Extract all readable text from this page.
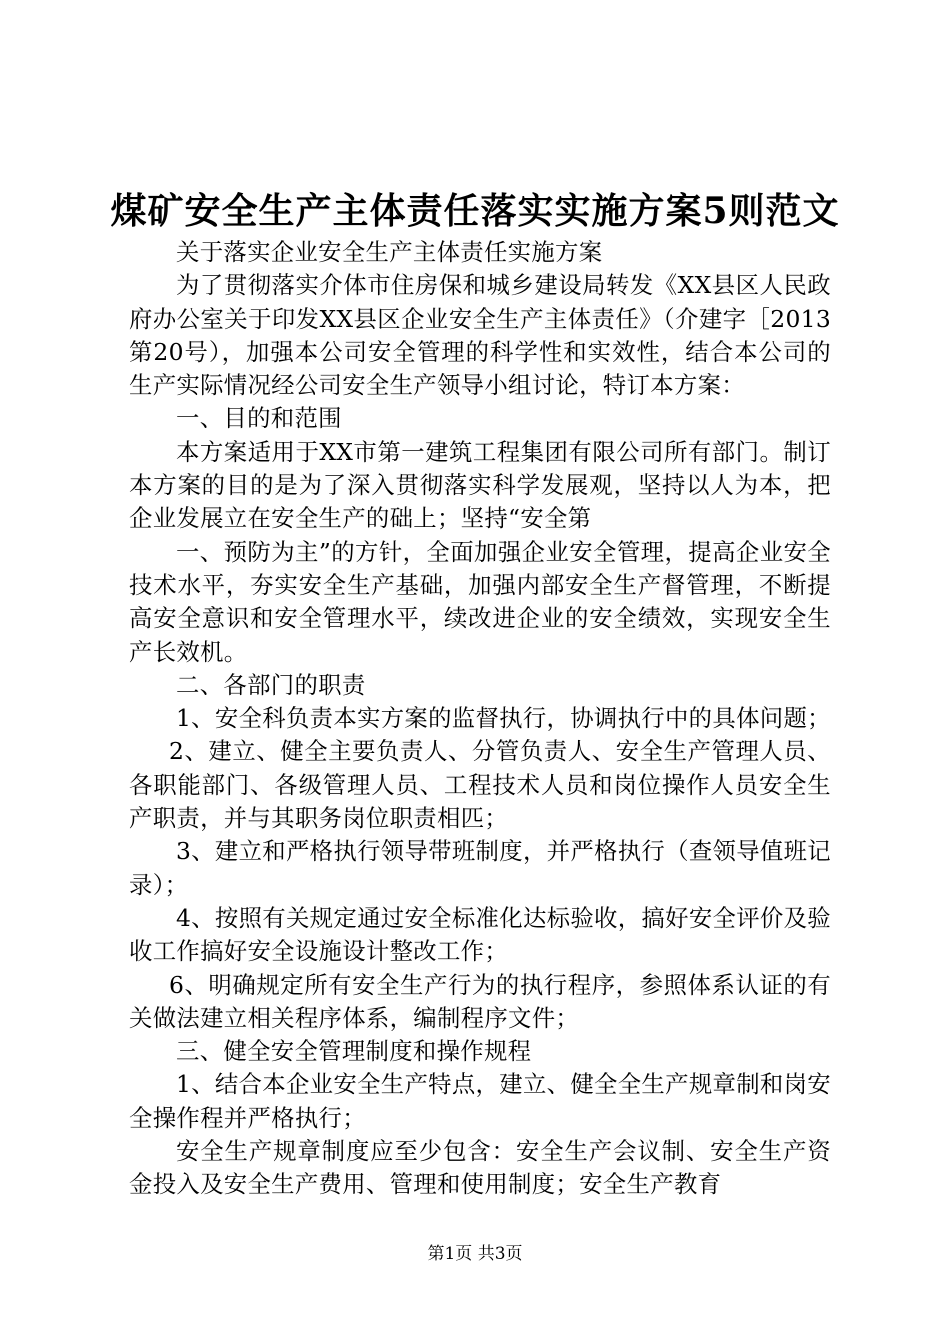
煤矿安全生产主体责任落实实施方案5则范文

关于落实企业安全生产主体责任实施方案

为了贯彻落实介体市住房保和城乡建设局转发《XX县区人民政府办公室关于印发XX县区企业安全生产主体责任》（介建字［2013第20号），加强本公司安全管理的科学性和实效性，结合本公司的生产实际情况经公司安全生产领导小组讨论，特订本方案：

一、目的和范围

本方案适用于XX市第一建筑工程集团有限公司所有部门。制订本方案的目的是为了深入贯彻落实科学发展观，坚持以人为本，把企业发展立在安全生产的础上；坚持“安全第

一、预防为主”的方针，全面加强企业安全管理，提高企业安全技术水平，夯实安全生产基础，加强内部安全生产督管理，不断提高安全意识和安全管理水平，续改进企业的安全绩效，实现安全生产长效机。

二、各部门的职责

1、安全科负责本实方案的监督执行，协调执行中的具体问题；

2、建立、健全主要负责人、分管负责人、安全生产管理人员、各职能部门、各级管理人员、工程技术人员和岗位操作人员安全生产职责，并与其职务岗位职责相匹；

3、建立和严格执行领导带班制度，并严格执行（查领导值班记录）；

4、按照有关规定通过安全标准化达标验收，搞好安全评价及验收工作搞好安全设施设计整改工作；

6、明确规定所有安全生产行为的执行程序，参照体系认证的有关做法建立相关程序体系，编制程序文件；

三、健全安全管理制度和操作规程

1、结合本企业安全生产特点，建立、健全全生产规章制和岗安全操作程并严格执行；

安全生产规章制度应至少包含：安全生产会议制、安全生产资金投入及安全生产费用、管理和使用制度；安全生产教育

第1页 共3页
